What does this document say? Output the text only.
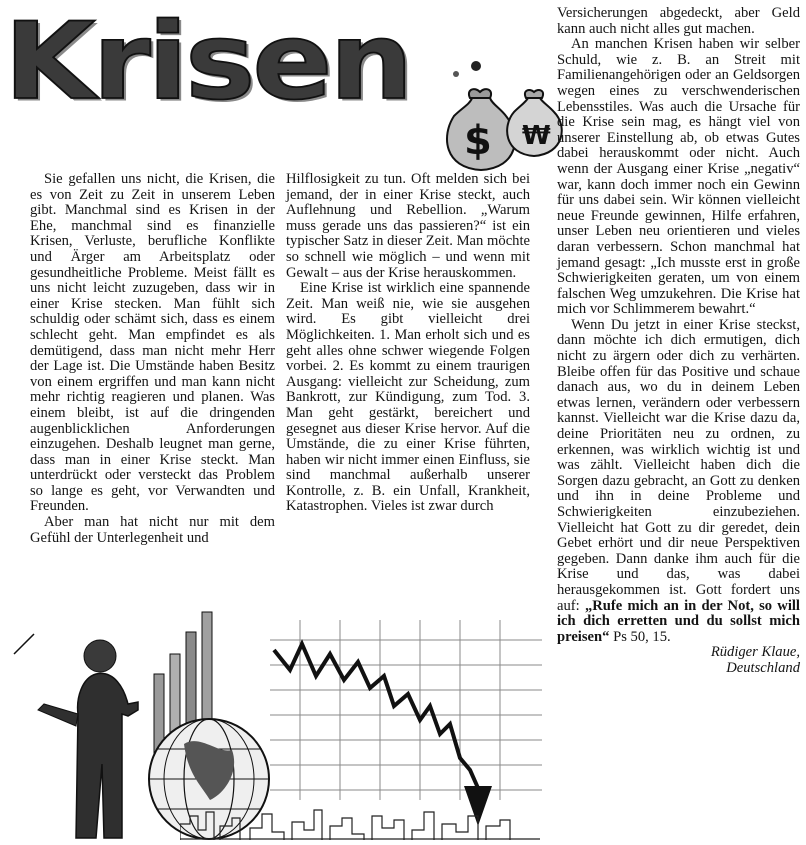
Krisen
$ ₩

Sie gefallen uns nicht, die Krisen, die es von Zeit zu Zeit in unserem Leben gibt. Manchmal sind es Krisen in der Ehe, manchmal sind es finanzielle Krisen, Verluste, berufliche Konflikte und Ärger am Arbeitsplatz oder gesundheitliche Probleme. Meist fällt es uns nicht leicht zuzugeben, dass wir in einer Krise stecken. Man fühlt sich schuldig oder schämt sich, dass es einem schlecht geht. Man empfindet es als demütigend, dass man nicht mehr Herr der Lage ist. Die Umstände haben Besitz von einem ergriffen und man kann nicht mehr richtig reagieren und planen. Was einem bleibt, ist auf die dringenden augenblicklichen Anforderungen einzugehen. Deshalb leugnet man gerne, dass man in einer Krise steckt. Man unterdrückt oder versteckt das Problem so lange es geht, vor Verwandten und Freunden.

Aber man hat nicht nur mit dem Gefühl der Unterlegenheit und

Hilflosigkeit zu tun. Oft melden sich bei jemand, der in einer Krise steckt, auch Auflehnung und Rebellion. „Warum muss gerade uns das passieren?“ ist ein typischer Satz in dieser Zeit. Man möchte so schnell wie möglich – und wenn mit Gewalt – aus der Krise herauskommen.

Eine Krise ist wirklich eine spannende Zeit. Man weiß nie, wie sie ausgehen wird. Es gibt vielleicht drei Möglichkeiten. 1. Man erholt sich und es geht alles ohne schwer wiegende Folgen vorbei. 2. Es kommt zu einem traurigen Ausgang: vielleicht zur Scheidung, zum Bankrott, zur Kündigung, zum Tod. 3. Man geht gestärkt, bereichert und gesegnet aus dieser Krise hervor. Auf die Umstände, die zu einer Krise führten, haben wir nicht immer einen Einfluss, sie sind manchmal außerhalb unserer Kontrolle, z. B. ein Unfall, Krankheit, Katastrophen. Vieles ist zwar durch

Versicherungen abgedeckt, aber Geld kann auch nicht alles gut machen.

An manchen Krisen haben wir selber Schuld, wie z. B. an Streit mit Familienangehörigen oder an Geldsorgen wegen eines zu verschwenderischen Lebensstiles. Was auch die Ursache für die Krise sein mag, es hängt viel von unserer Einstellung ab, ob etwas Gutes dabei herauskommt oder nicht. Auch wenn der Ausgang einer Krise „negativ“ war, kann doch immer noch ein Gewinn für uns dabei sein. Wir können vielleicht neue Freunde gewinnen, Hilfe erfahren, unser Leben neu orientieren und vieles daran verbessern. Schon manchmal hat jemand gesagt: „Ich musste erst in große Schwierigkeiten geraten, um von einem falschen Weg umzukehren. Die Krise hat mich vor Schlimmerem bewahrt.“

Wenn Du jetzt in einer Krise steckst, dann möchte ich dich ermutigen, dich nicht zu ärgern oder dich zu verhärten. Bleibe offen für das Positive und schaue danach aus, wo du in deinem Leben etwas lernen, verändern oder verbessern kannst. Vielleicht war die Krise dazu da, deine Prioritäten neu zu ordnen, zu erkennen, was wirklich wichtig ist und was zählt. Vielleicht haben dich die Sorgen dazu gebracht, an Gott zu denken und ihn in deine Probleme und Schwierigkeiten einzubeziehen. Vielleicht hat Gott zu dir geredet, dein Gebet erhört und dir neue Perspektiven gegeben. Dann danke ihm auch für die Krise und das, was dabei herausgekommen ist. Gott fordert uns auf: „Rufe mich an in der Not, so will ich dich erretten und du sollst mich preisen“ Ps 50, 15.

Rüdiger Klaue,

Deutschland
